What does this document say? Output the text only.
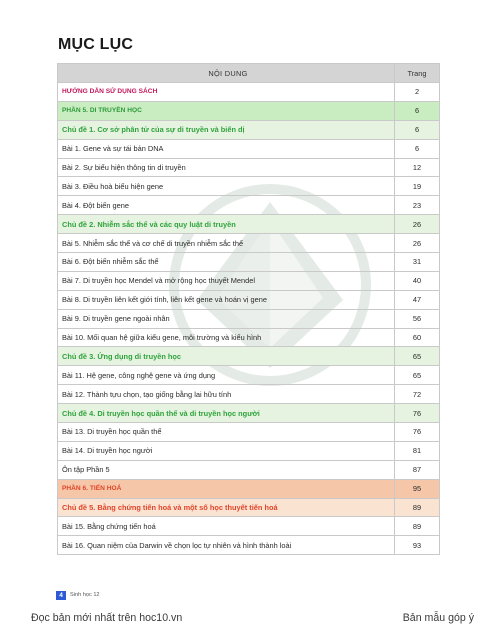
MỤC LỤC
NỘI DUNG	Trang
HƯỚNG DẪN SỬ DỤNG SÁCH	2
PHẦN 5. DI TRUYỀN HỌC	6
Chủ đề 1. Cơ sở phân tử của sự di truyền và biến dị	6
Bài 1. Gene và sự tái bản DNA	6
Bài 2. Sự biểu hiện thông tin di truyền	12
Bài 3. Điều hoà biểu hiện gene	19
Bài 4. Đột biến gene	23
Chủ đề 2. Nhiễm sắc thể và các quy luật di truyền	26
Bài 5. Nhiễm sắc thể và cơ chế di truyền nhiễm sắc thể	26
Bài 6. Đột biến nhiễm sắc thể	31
Bài 7. Di truyền học Mendel và mở rộng học thuyết Mendel	40
Bài 8. Di truyền liên kết giới tính, liên kết gene và hoán vị gene	47
Bài 9. Di truyền gene ngoài nhân	56
Bài 10. Mối quan hệ giữa kiểu gene, môi trường và kiểu hình	60
Chủ đề 3. Ứng dụng di truyền học	65
Bài 11. Hệ gene, công nghệ gene và ứng dụng	65
Bài 12. Thành tựu chọn, tạo giống bằng lai hữu tính	72
Chủ đề 4. Di truyền học quần thể và di truyền học người	76
Bài 13. Di truyền học quần thể	76
Bài 14. Di truyền học người	81
Ôn tập Phần 5	87
PHẦN 6. TIẾN HOÁ	95
Chủ đề 5. Bằng chứng tiến hoá và một số học thuyết tiến hoá	89
Bài 15. Bằng chứng tiến hoá	89
Bài 16. Quan niệm của Darwin về chọn lọc tự nhiên và hình thành loài	93
4	Sinh học 12
Đọc bản mới nhất trên hoc10.vn	Bản mẫu góp ý
